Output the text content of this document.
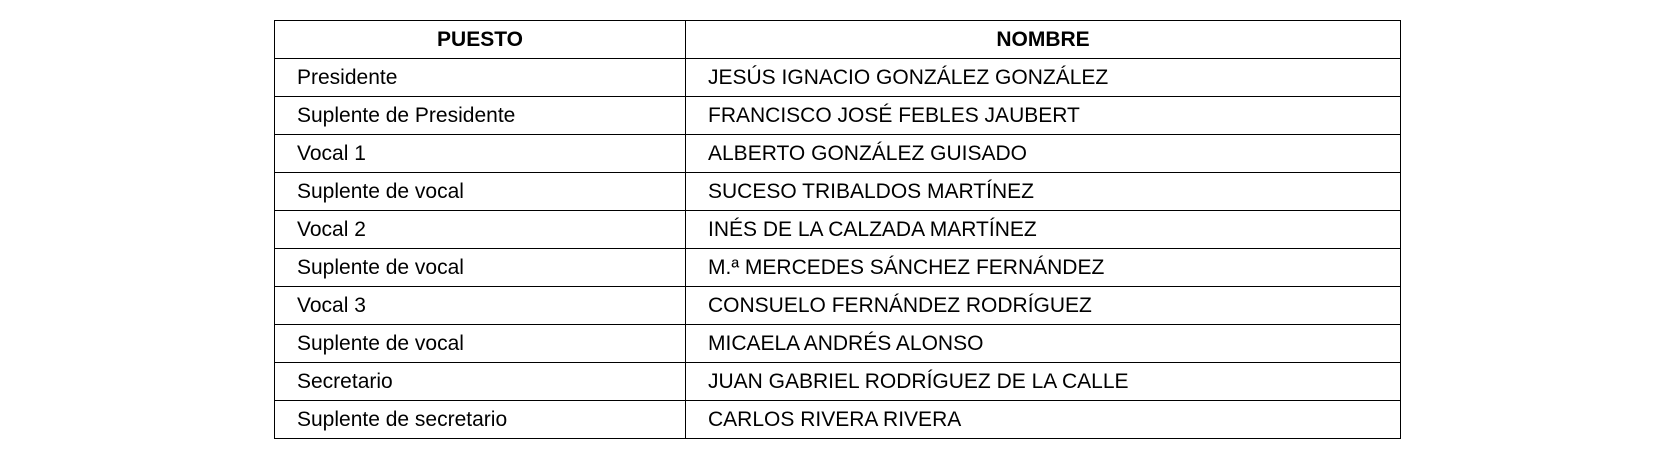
PUESTO	NOMBRE
Presidente	JESÚS IGNACIO GONZÁLEZ GONZÁLEZ
Suplente de Presidente	FRANCISCO JOSÉ FEBLES JAUBERT
Vocal 1	ALBERTO GONZÁLEZ GUISADO
Suplente de vocal	SUCESO TRIBALDOS MARTÍNEZ
Vocal 2	INÉS DE LA CALZADA MARTÍNEZ
Suplente de vocal	M.ª MERCEDES SÁNCHEZ FERNÁNDEZ
Vocal 3	CONSUELO FERNÁNDEZ RODRÍGUEZ
Suplente de vocal	MICAELA ANDRÉS ALONSO
Secretario	JUAN GABRIEL RODRÍGUEZ DE LA CALLE
Suplente de secretario	CARLOS RIVERA RIVERA
